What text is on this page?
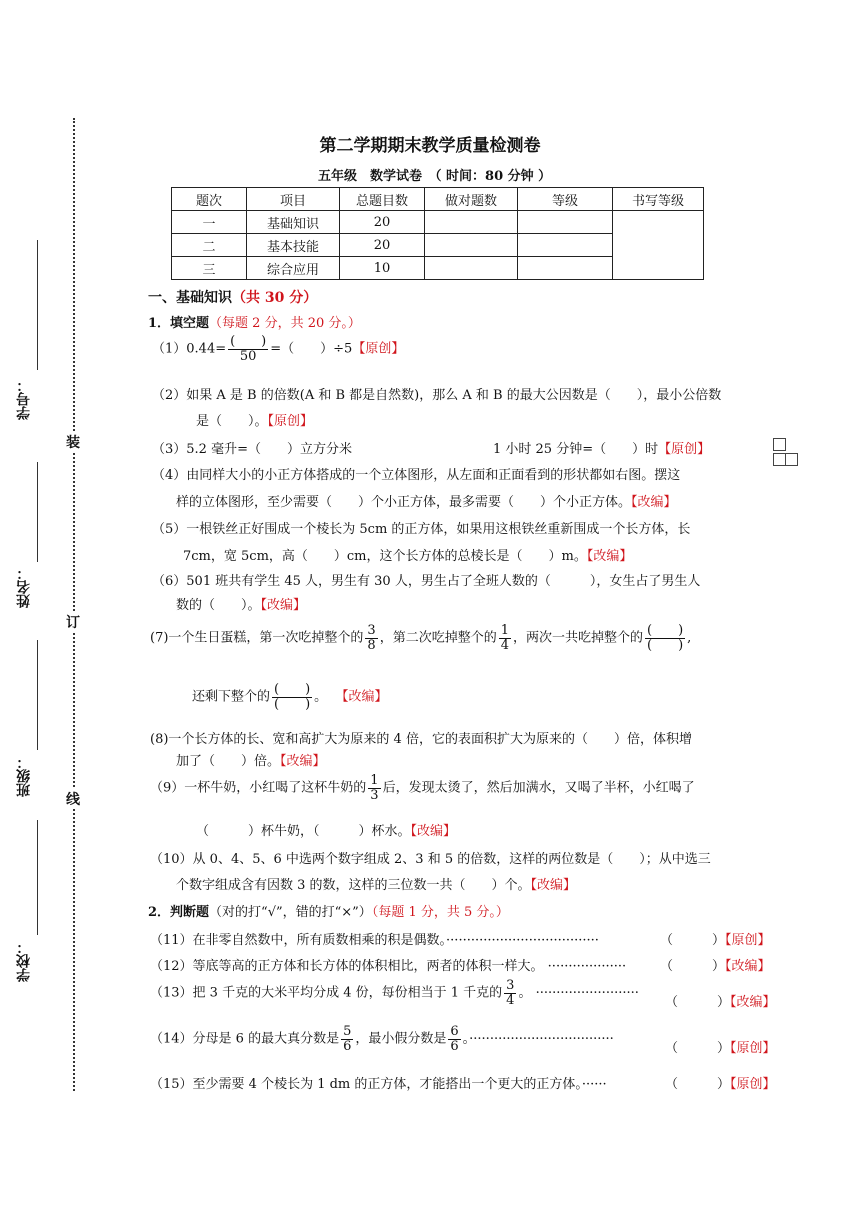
学号：
姓名：
班级：
学校：
装
订
线
第二学期期末教学质量检测卷
五年级　数学试卷　（ 时间：80 分钟 ）
题次	项目	总题目数	做对题数	等级	书写等级
一	基础知识	20			
二	基本技能	20			
三	综合应用	10			
一、基础知识（共 30 分）
1．填空题（每题 2 分，共 20 分。）
$(1)0.44= \frac{( )}{50}$ =（　　）÷5【原创】
（2）如果 A 是 B 的倍数(A 和 B 都是自然数)，那么 A 和 B 的最大公因数是（　　），最小公倍数
是（　　）。【原创】
（3）5.2 毫升=（　　）立方分米	1 小时 25 分钟=（　　）时【原创】
（4）由同样大小的小正方体搭成的一个立体图形，从左面和正面看到的形状都如右图。摆这
样的立体图形，至少需要（　　）个小正方体，最多需要（　　）个小正方体。【改编】
（5）一根铁丝正好围成一个棱长为 5cm 的正方体，如果用这根铁丝重新围成一个长方体，长
7cm，宽 5cm，高（　　）cm，这个长方体的总棱长是（　　）m。【改编】
（6）501 班共有学生 45 人，男生有 30 人，男生占了全班人数的（　　　），女生占了男生人
数的（　　）。【改编】
(7)一个生日蛋糕，第一次吃掉整个的 $\frac{3}{8}$ ，第二次吃掉整个的 $\frac{1}{4}$ ，两次一共吃掉整个的 $\frac{( )}{( )}$ ,
还剩下整个的 $\frac{( )}{( )}$ 。 【改编】
(8)一个长方体的长、宽和高扩大为原来的 4 倍，它的表面积扩大为原来的（　　）倍，体积增
加了（　　）倍。【改编】
（9）一杯牛奶，小红喝了这杯牛奶的 $\frac{1}{3}$ 后，发现太烫了，然后加满水，又喝了半杯，小红喝了
（　　　）杯牛奶，（　　　）杯水。【改编】
（10）从 0、4、5、6 中选两个数字组成 2、3 和 5 的倍数，这样的两位数是（　　）；从中选三
个数字组成含有因数 3 的数，这样的三位数一共（　　）个。【改编】
2．判断题（对的打“√”，错的打“×”）（每题 1 分，共 5 分。）
（11）在非零自然数中，所有质数相乘的积是偶数。·····································	（　　　）【原创】
（12）等底等高的正方体和长方体的体积相比，两者的体积一样大。 ···················	（　　　）【改编】
（13）把 3 千克的大米平均分成 4 份，每份相当于 1 千克的 $\frac{3}{4}$ 。 ·························
（　　　）【改编】
（14）分母是 6 的最大真分数是 $\frac{5}{6}$ ，最小假分数是 $\frac{6}{6}$ 。···································
（　　　）【原创】
（15）至少需要 4 个棱长为 1 dm 的正方体，才能搭出一个更大的正方体。······	（　　　）【原创】
